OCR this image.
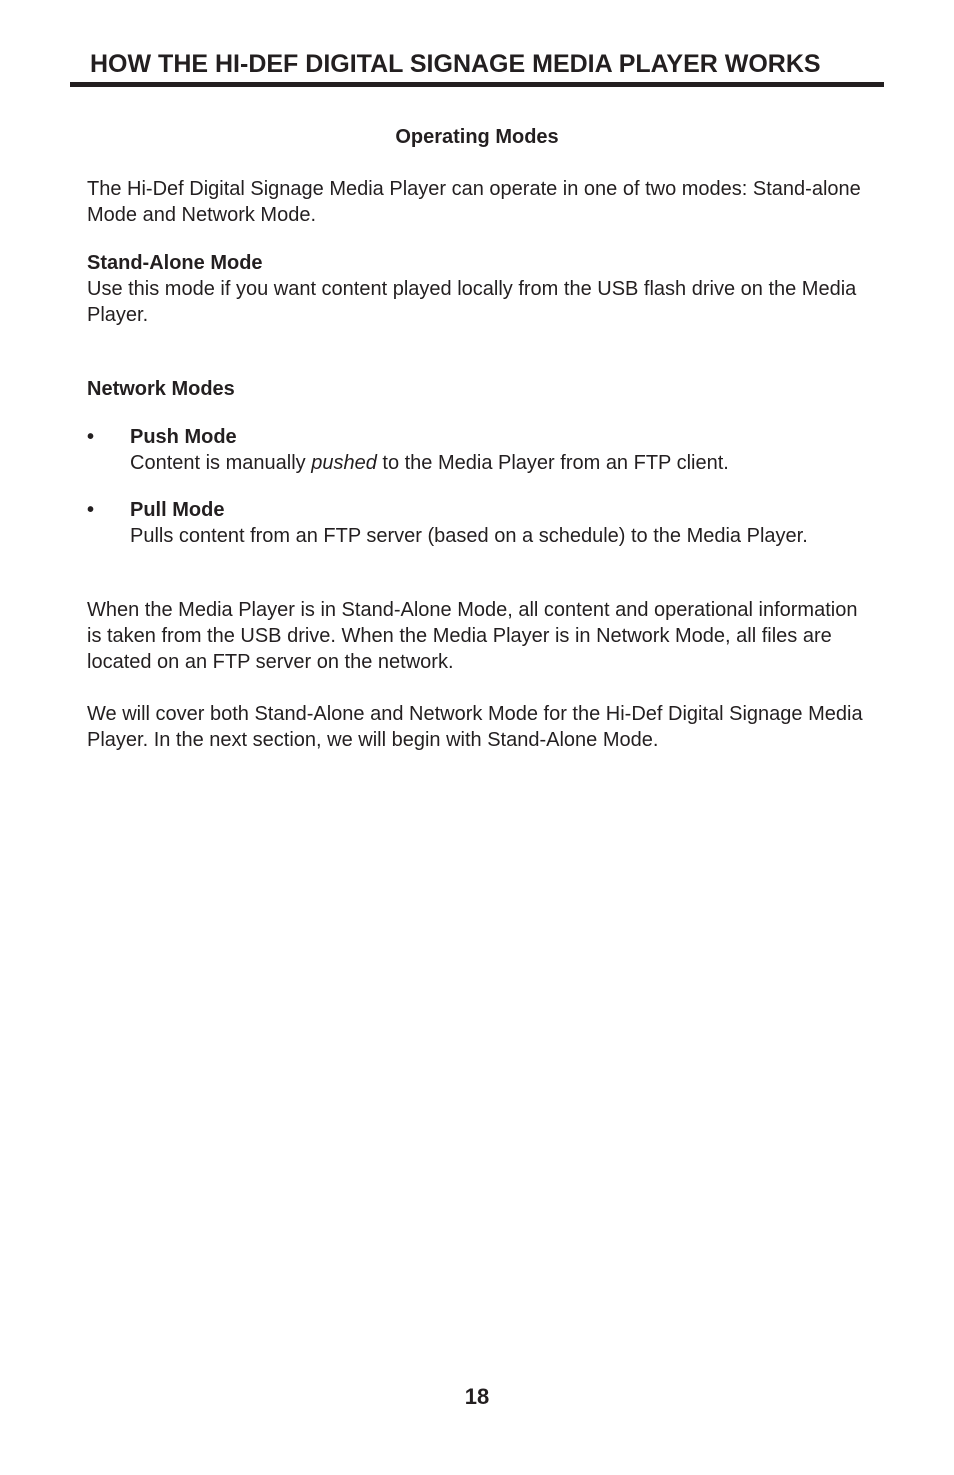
HOW THE HI-DEF DIGITAL SIGNAGE MEDIA PLAYER WORKS
Operating Modes

The Hi-Def Digital Signage Media Player can operate in one of two modes: Stand-alone Mode and Network Mode.

Stand-Alone Mode

Use this mode if you want content played locally from the USB flash drive on the Media Player.

Network Modes
• Push Mode
Content is manually pushed to the Media Player from an FTP client.
• Pull Mode
Pulls content from an FTP server (based on a schedule) to the Media Player.

When the Media Player is in Stand-Alone Mode, all content and operational information is taken from the USB drive. When the Media Player is in Network Mode, all files are located on an FTP server on the network.

We will cover both Stand-Alone and Network Mode for the Hi-Def Digital Signage Media Player. In the next section, we will begin with Stand-Alone Mode.

18
